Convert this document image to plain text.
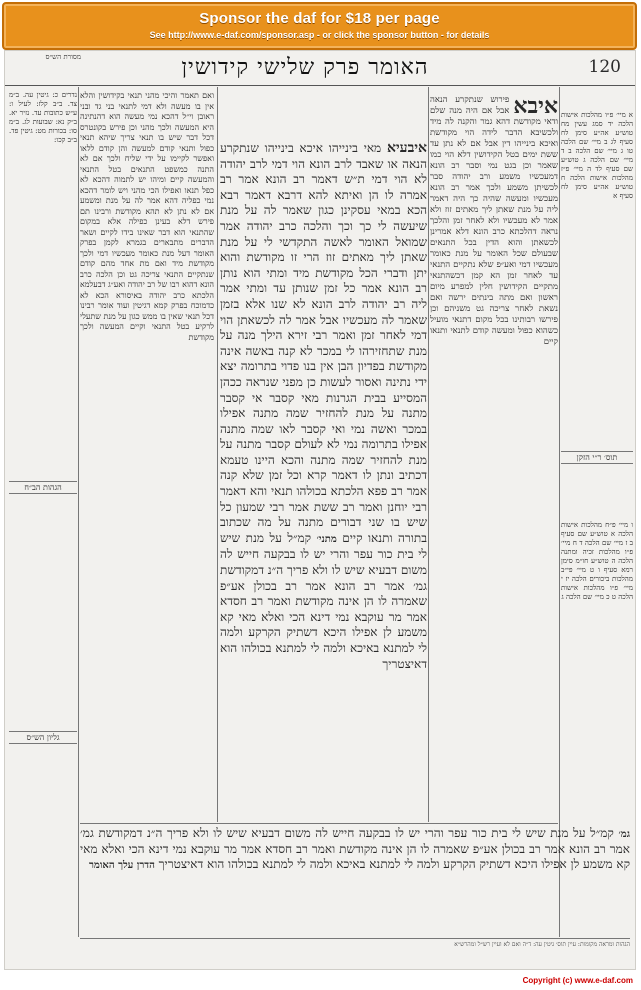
Sponsor the daf for $18 per page
See http://www.e-daf.com/sponsor.asp - or click the sponsor button - for details
מסורת הש״ס	האומר פרק שלישי קידושין	120

איבא
פירוש שנתקרע הנאה אבל אם היה מנה שלם ודאי מקודשת דהא גמר והקנה לה מיד ולכשיבא הדבר לידה הוי מקודשת ואיכא בינייהו דין אבל אם לא נתן עד ששת ימים בטל הקידושין דלא הוי כמו שאמר וכן בגט נמי וסבר רב הונא דמעכשיו משמע ורב יהודה סבר לכשיתן משמע ולכך אמר רב הונא מעכשיו ומעשה שהיה כך היה דאמר ליה על מנת שאתן ליך מאתים זוז ולא אמר לא מעכשיו ולא לאחר זמן והלכך נראה דהלכתא כרב הונא דלא אמרינן לכשאתן והוא הדין בכל התנאים שבעולם שכל האומר על מנת כאומר מעכשיו דמי ואע״פ שלא נתקיים התנאי עד לאחר זמן הא קמן דכשהתנאי מתקיים הקידושין חלין למפרע מיום ראשון ואם מתה בינתים ירשה ואם נשאת לאחר צריכה גט משניהם וכן פירשו רבותינו בכל מקום דתנאי מועיל כשהוא כפול ומעשה קודם לתנאי ותנאו קיים

איבעיא מאי בינייהו איכא בינייהו שנתקרע הנאה או שאבד לרב הונא הוי דמי לרב יהודה לא הוי דמי ת״ש דאמר רב הונא אמר רב אמרה לו הן ואיתא להא דרבא דאמר רבא הכא במאי עסקינן כגון שאמר לה על מנת שיעשה לי כך וכך והלכה כרב יהודה אמר שמואל האומר לאשה התקדשי לי על מנת שאתן ליך מאתים זוז הרי זו מקודשת והוא יתן ודברי הכל מקודשת מיד ומתי הוא נותן רב הונא אמר כל זמן שנותן עד ומתי אמר ליה רב יהודה לרב הונא לא שנו אלא בזמן שאמר לה מעכשיו אבל אמר לה לכשאתן הוי דמי לאחר זמן ואמר רבי זירא הילך מנה על מנת שתחזירהו לי במכר לא קנה באשה אינה מקודשת בפדיון הבן אין בנו פדוי בתרומה יצא ידי נתינה ואסור לעשות כן מפני שנראה ככהן המסייע בבית הגרנות מאי קסבר אי קסבר מתנה על מנת להחזיר שמה מתנה אפילו במכר ואשה נמי ואי קסבר לאו שמה מתנה אפילו בתרומה נמי לא לעולם קסבר מתנה על מנת להחזיר שמה מתנה והכא היינו טעמא דכתיב ונתן לו דאמר קרא וכל זמן שלא קנה אמר רב פפא הלכתא בכולהו תנאי והא דאמר רבי יוחנן ואמר רב ששת אמר רבי שמעון כל שיש בו שני דבורים מתנה על מה שכתוב בתורה ותנאו קיים מתני׳ קמ״ל על מנת שיש לי בית כור עפר והרי יש לו בבקעה חייש לה משום דבעיא שיש לו ולא פריך ה״נ דמקודשת גמ׳ אמר רב הונא אמר רב בכולן אע״פ שאמרה לו הן אינה מקודשת ואמר רב חסדא אמר מר עוקבא נמי דינא הכי ואלא מאי קא משמע לן אפילו היכא דשתיק הקרקע ולמה לי למתנא באיכא ולמה לי למתנא בכולהו הוא דאיצטריך

ואם תאמר והיכי מהני תנאי בקידושין והלא אין בו מעשה ולא דמי לתנאי בני גד ובני ראובן וי״ל דהכא נמי מעשה הוא דהנתינה היא המעשה ולכך מהני וכן פירש בקונטרס דכל דבר שיש בו תנאי צריך שיהא תנאי כפול ותנאי קודם למעשה והן קודם ללאו ואפשר לקיימו על ידי שליח ולכך אם לא התנה כמשפט התנאים בטל התנאי והמעשה קיים ומיהו יש לתמוה דהכא לא כפל תנאו ואפילו הכי מהני ויש לומר דהכא נמי כפליה דהא אמר לה על מנת ומשמע אם לא נתן לא תהא מקודשת ורבינו תם פירש דלא בעינן כפילה אלא במקום שהתנאי הוא דבר שאינו בידו לקיים ושאר הדברים מתבארים בגמרא לקמן בפרק האומר דעל מנת כאומר מעכשיו דמי ולכך מקודשת מיד ואם מת אחד מהם קודם שנתקיים התנאי צריכה גט וכן הלכה כרב הונא דהוא רבו של רב יהודה ואע״ג דבעלמא הלכתא כרב יהודה באיסורא הכא לא כדמוכח בפרק קמא דגיטין ועוד אומר רבינו דכל תנאי שאין בו ממש כגון על מנת שתעלי לרקיע בטל התנאי וקיים המעשה ולכך מקודשת

א מיי׳ פ״ו מהלכות אישות הלכה יד סמג עשין מח טוש״ע אה״ע סימן לח סעיף לג ב מיי׳ שם הלכה טו ג מיי׳ שם הלכה ב ד מיי׳ שם הלכה ג טוש״ע שם סעיף לד ה מיי׳ פ״ז מהלכות אישות הלכה ח טוש״ע אה״ע סימן לח סעיף א

תוס׳ ר״י הזקן

ו מיי׳ פ״ח מהלכות אישות הלכה א טוש״ע שם סעיף ב ז מיי׳ שם הלכה ד ח מיי׳ פ״ו מהלכות זכיה ומתנה הלכה ה טוש״ע חו״מ סימן רמא סעיף ו ט מיי׳ פי״ב מהלכות ביכורים הלכה יז י מיי׳ פ״ו מהלכות אישות הלכה ט כ מיי׳ שם הלכה ג

נדרים כ: גיטין עה. ב״מ צד. ב״ב קלז: לעיל ו: ע״ש כתובות עד. נזיר יא. ב״ק נא: שבועות לג. ב״מ סו: בכורות מט: גיטין פד. ב״ב קכו:

הגהות הב״ח
גליון הש״ס

גמ׳ קמ״ל על מנת שיש לי בית כור עפר והרי יש לו בבקעה חייש לה משום דבעיא שיש לו ולא פריך ה״נ דמקודשת גמ׳ אמר רב הונא אמר רב בכולן אע״פ שאמרה לו הן אינה מקודשת ואמר רב חסדא אמר מר עוקבא נמי דינא הכי ואלא מאי קא משמע לן אפילו היכא דשתיק הקרקע ולמה לי למתנא באיכא ולמה לי למתנא בכולהו הוא דאיצטריך הדרן עלך האומר

הגהות ומראה מקומות: עיין תוס׳ גיטין עה: ד״ה ואם לא ועיין רש״ל ומהרש״א

Copyright (c) www.e-daf.com
